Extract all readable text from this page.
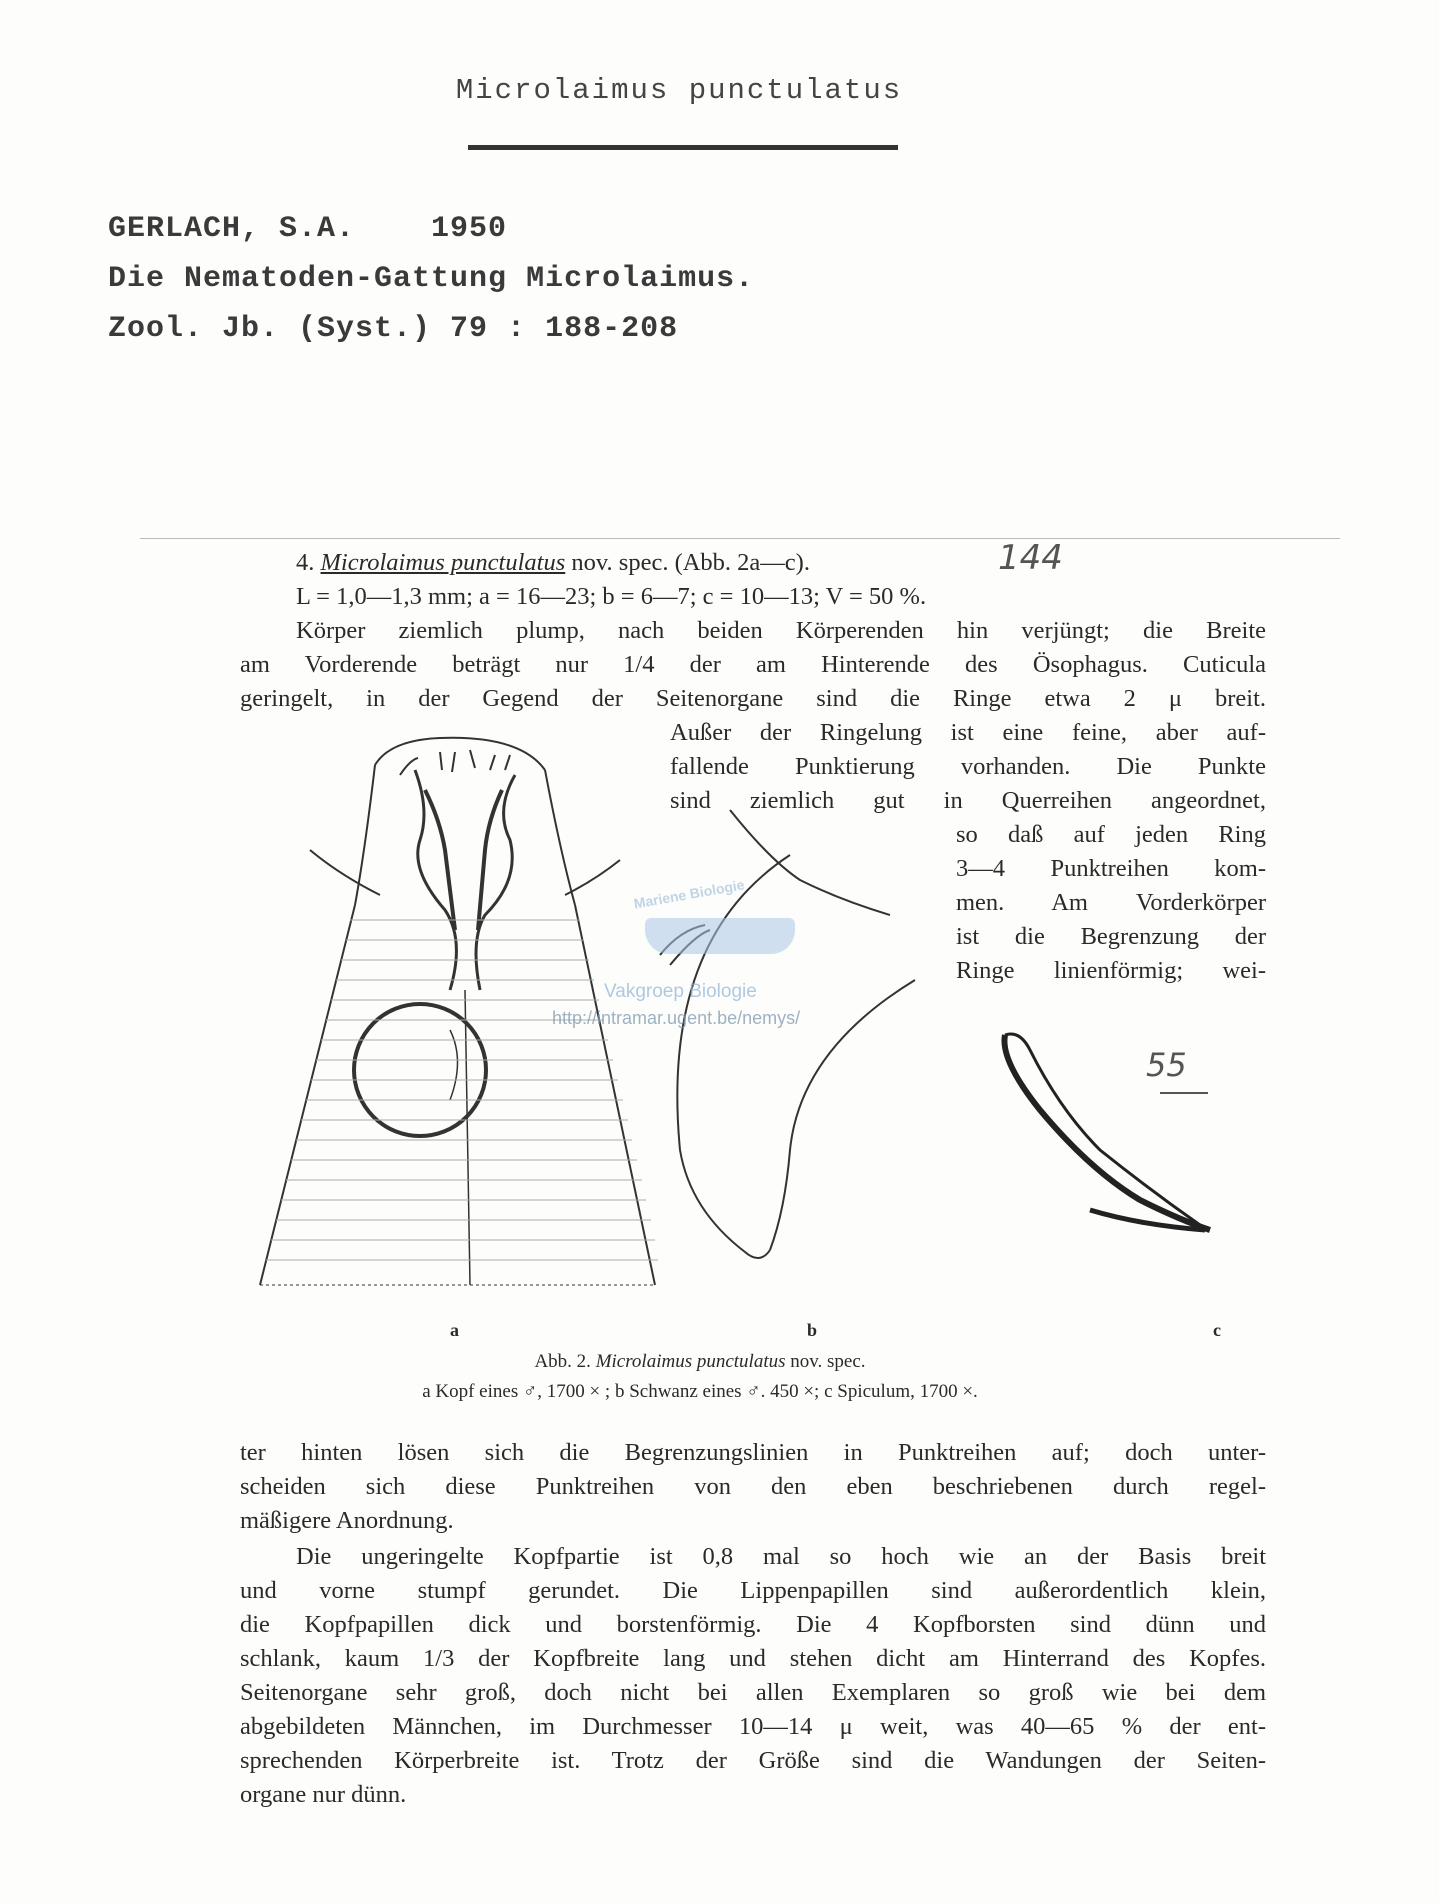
Microlaimus punctulatus
GERLACH, S.A.    1950
Die Nematoden-Gattung Microlaimus.
Zool. Jb. (Syst.) 79 : 188-208
4. Microlaimus punctulatus nov. spec. (Abb. 2a—c).	144
L = 1,0—1,3 mm; a = 16—23; b = 6—7; c = 10—13; V = 50 %.
Körper ziemlich plump, nach beiden Körperenden hin verjüngt; die Breite
am Vorderende beträgt nur 1/4 der am Hinterende des Ösophagus. Cuticula
geringelt, in der Gegend der Seitenorgane sind die Ringe etwa 2 μ breit.
Außer der Ringelung ist eine feine, aber auf-
fallende Punktierung vorhanden. Die Punkte
sind ziemlich gut in Querreihen angeordnet,
so daß auf jeden Ring
3—4 Punktreihen kom-
men. Am Vorderkörper
ist die Begrenzung der
Ringe linienförmig; wei-
Mariene Biologie
Vakgroep Biologie
http://intramar.ugent.be/nemys/
55
a	b	c
Abb. 2. Microlaimus punctulatus nov. spec.
a Kopf eines ♂, 1700 × ; b Schwanz eines ♂. 450 ×; c Spiculum, 1700 ×.
ter hinten lösen sich die Begrenzungslinien in Punktreihen auf; doch unter-
scheiden sich diese Punktreihen von den eben beschriebenen durch regel-
mäßigere Anordnung.
Die ungeringelte Kopfpartie ist 0,8 mal so hoch wie an der Basis breit
und vorne stumpf gerundet. Die Lippenpapillen sind außerordentlich klein,
die Kopfpapillen dick und borstenförmig. Die 4 Kopfborsten sind dünn und
schlank, kaum 1/3 der Kopfbreite lang und stehen dicht am Hinterrand des Kopfes.
Seitenorgane sehr groß, doch nicht bei allen Exemplaren so groß wie bei dem
abgebildeten Männchen, im Durchmesser 10—14 μ weit, was 40—65 % der ent-
sprechenden Körperbreite ist. Trotz der Größe sind die Wandungen der Seiten-
organe nur dünn.
